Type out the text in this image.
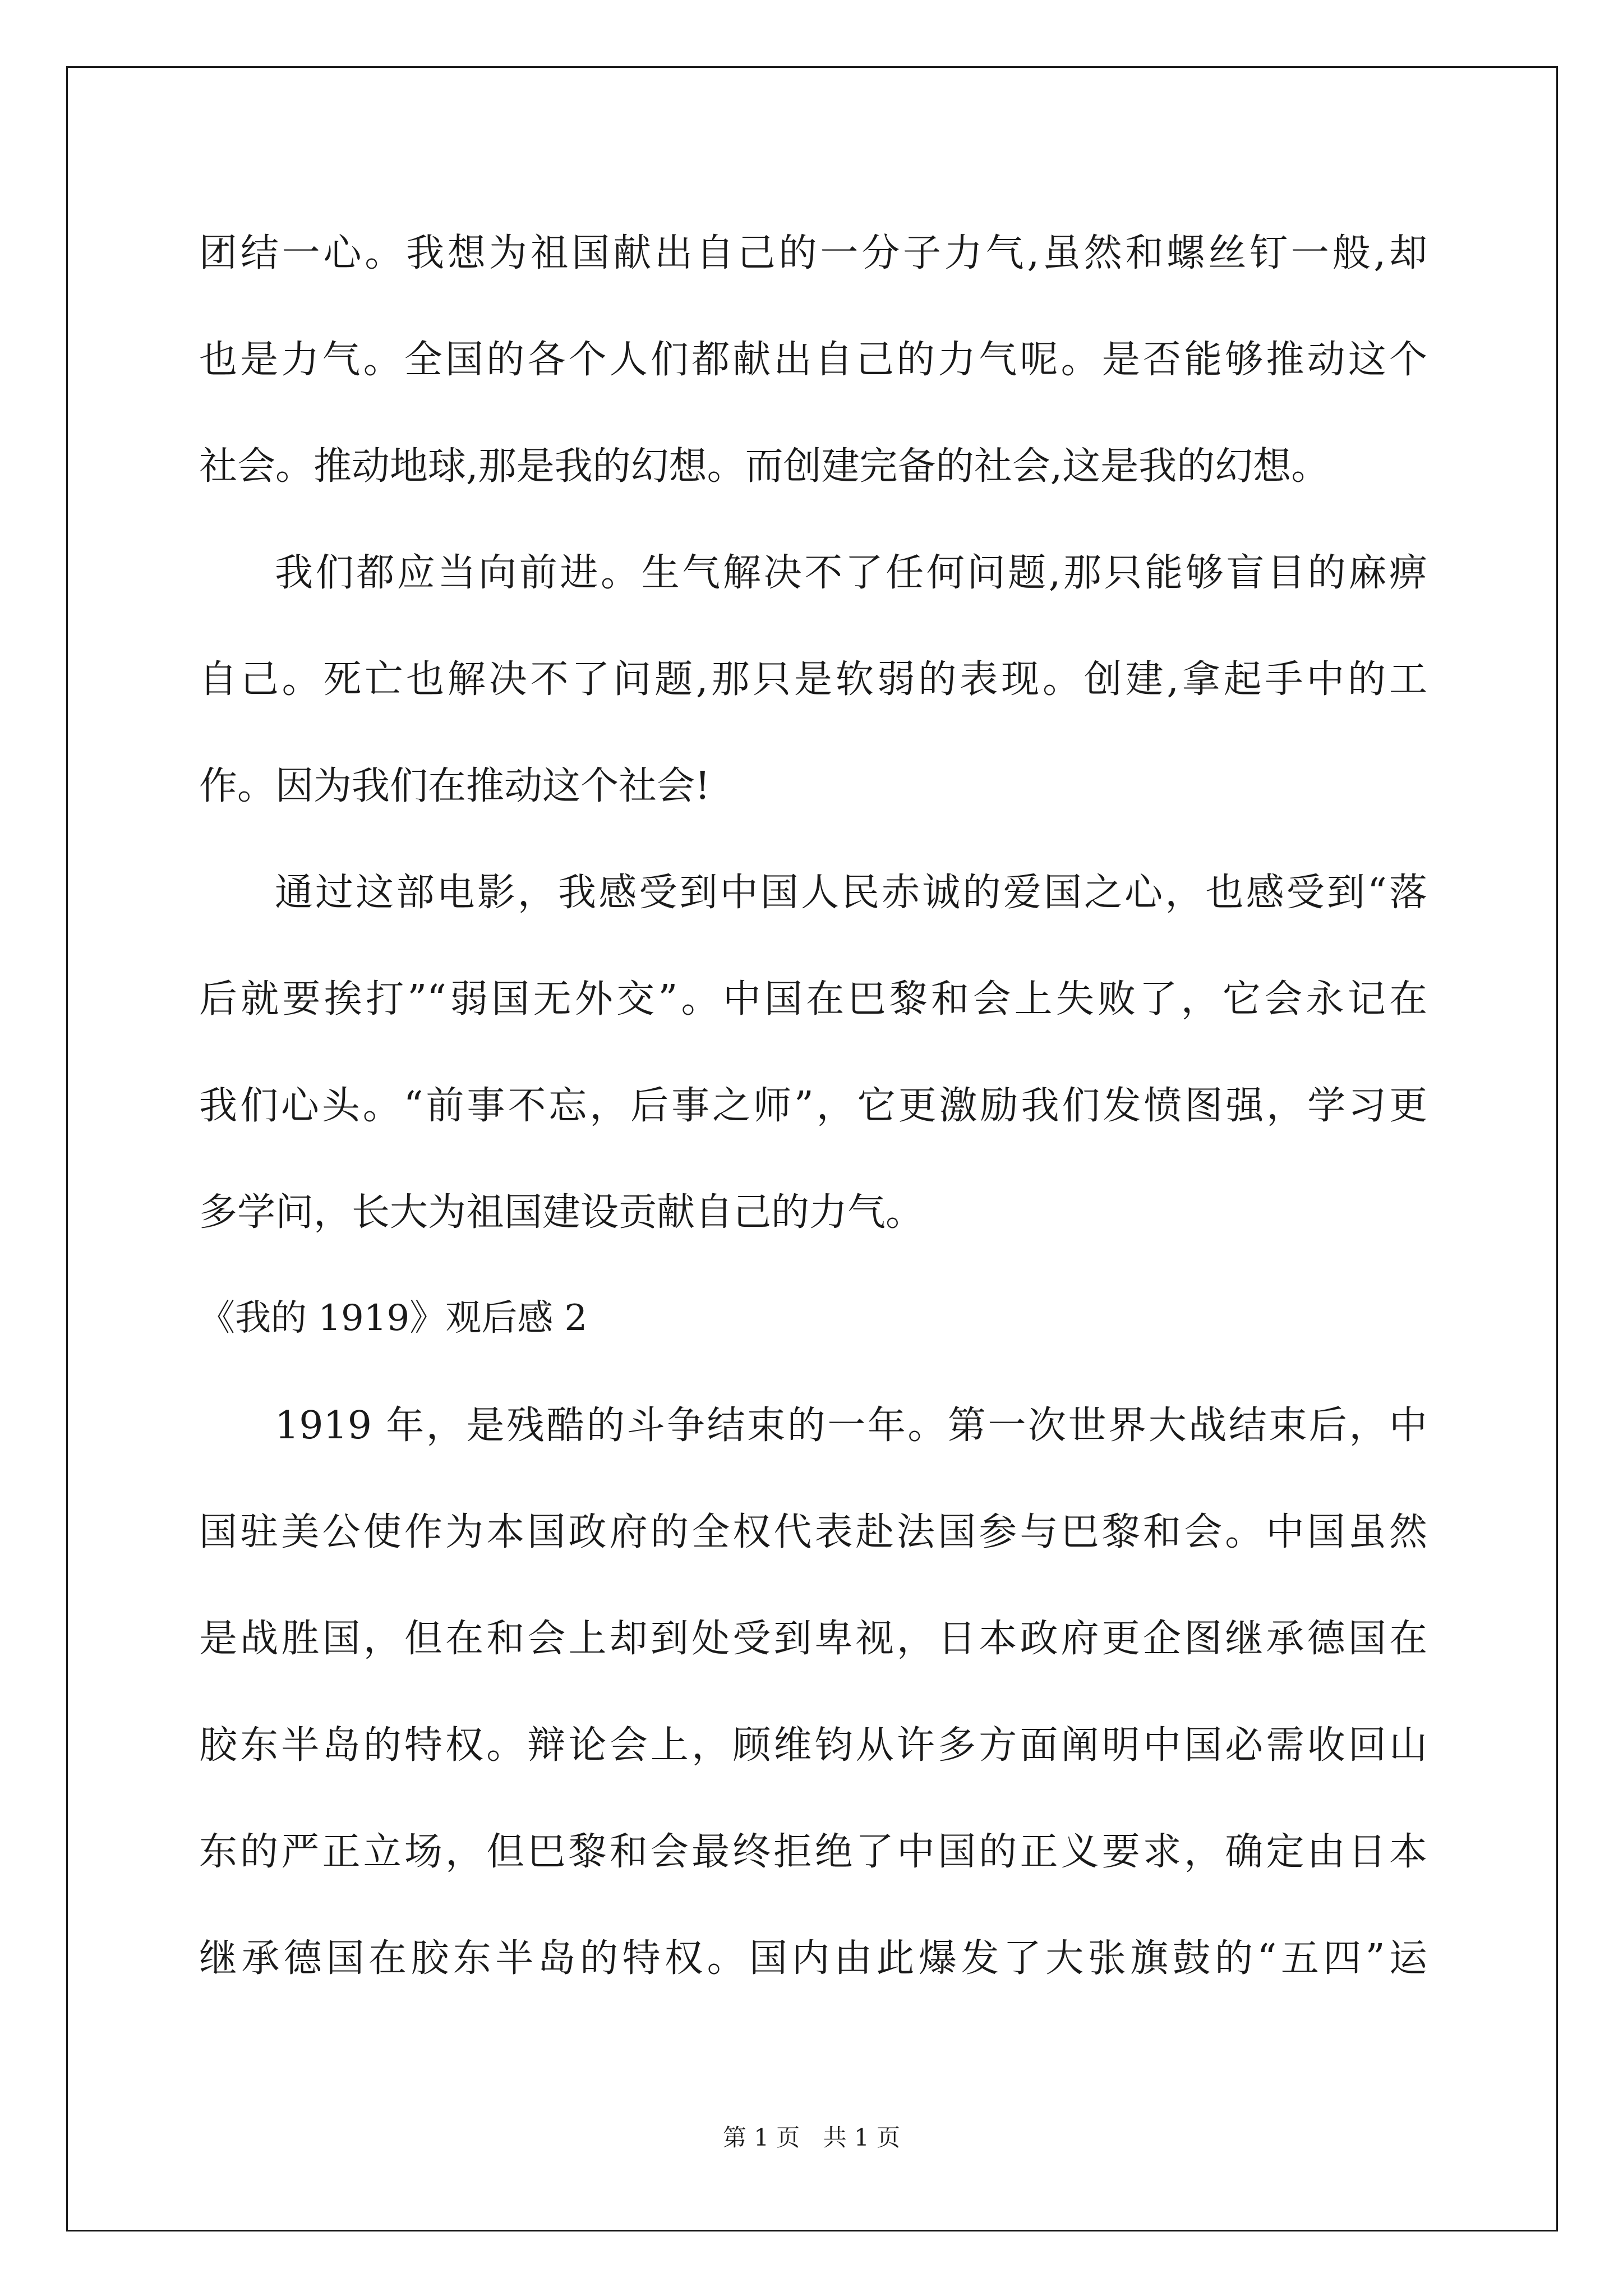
团结一心。我想为祖国献出自己的一分子力气,虽然和螺丝钉一般,却
也是力气。全国的各个人们都献出自己的力气呢。是否能够推动这个
社会。推动地球,那是我的幻想。而创建完备的社会,这是我的幻想。
我们都应当向前进。生气解决不了任何问题,那只能够盲目的麻痹
自己。死亡也解决不了问题,那只是软弱的表现。创建,拿起手中的工
作。因为我们在推动这个社会!
通过这部电影，我感受到中国人民赤诚的爱国之心，也感受到“落
后就要挨打”“弱国无外交”。中国在巴黎和会上失败了，它会永记在
我们心头。“前事不忘，后事之师”，它更激励我们发愤图强，学习更
多学问，长大为祖国建设贡献自己的力气。
《我的 1919》观后感 2
1919 年，是残酷的斗争结束的一年。第一次世界大战结束后，中
国驻美公使作为本国政府的全权代表赴法国参与巴黎和会。中国虽然
是战胜国，但在和会上却到处受到卑视，日本政府更企图继承德国在
胶东半岛的特权。辩论会上，顾维钧从许多方面阐明中国必需收回山
东的严正立场，但巴黎和会最终拒绝了中国的正义要求，确定由日本
继承德国在胶东半岛的特权。国内由此爆发了大张旗鼓的“五四”运
第 1 页 共 1 页
